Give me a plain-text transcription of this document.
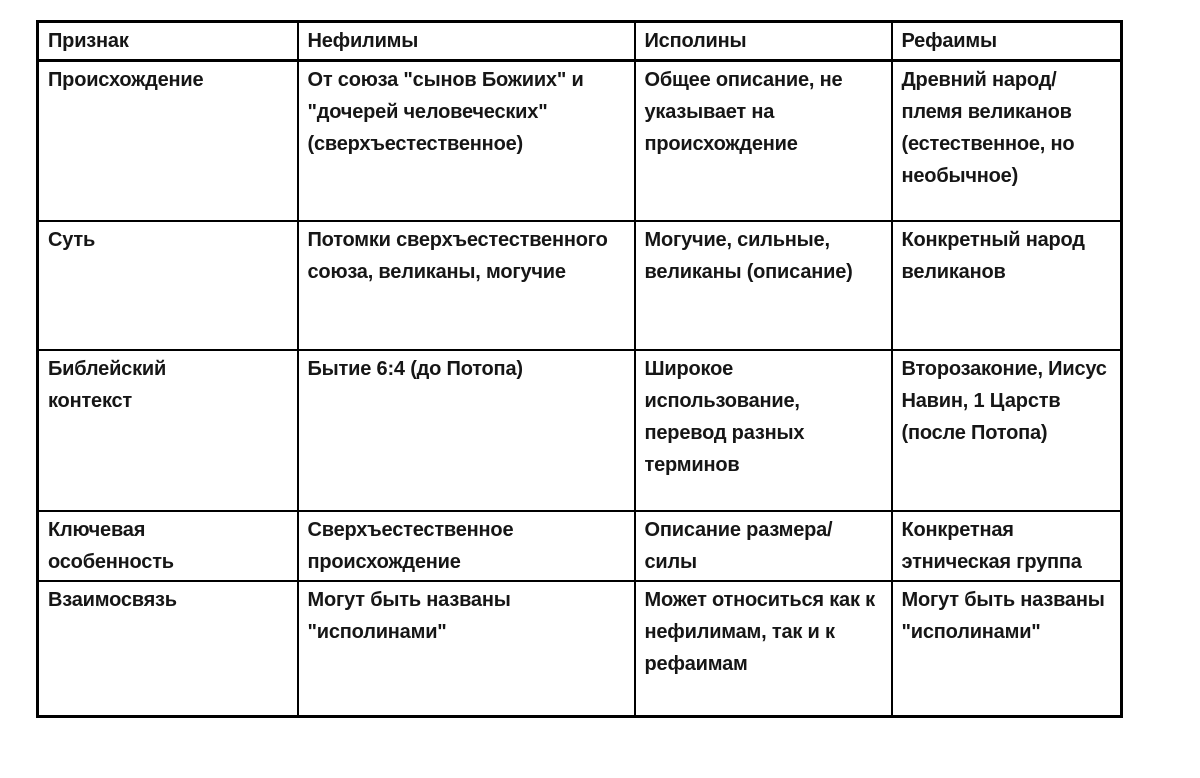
Признак	Нефилимы	Исполины	Рефаимы
Происхождение	От союза "сынов Божиих" и "дочерей человеческих" (сверхъестественное)	Общее описание, не указывает на происхождение	Древний народ/племя великанов (естественное, но необычное)
Суть	Потомки сверхъестественного союза, великаны, могучие	Могучие, сильные, великаны (описание)	Конкретный народ великанов
Библейский контекст	Бытие 6:4 (до Потопа)	Широкое использование, перевод разных терминов	Второзаконие, Иисус Навин, 1 Царств (после Потопа)
Ключевая особенность	Сверхъестественное происхождение	Описание размера/силы	Конкретная этническая группа
Взаимосвязь	Могут быть названы "исполинами"	Может относиться как к нефилимам, так и к рефаимам	Могут быть названы "исполинами"
